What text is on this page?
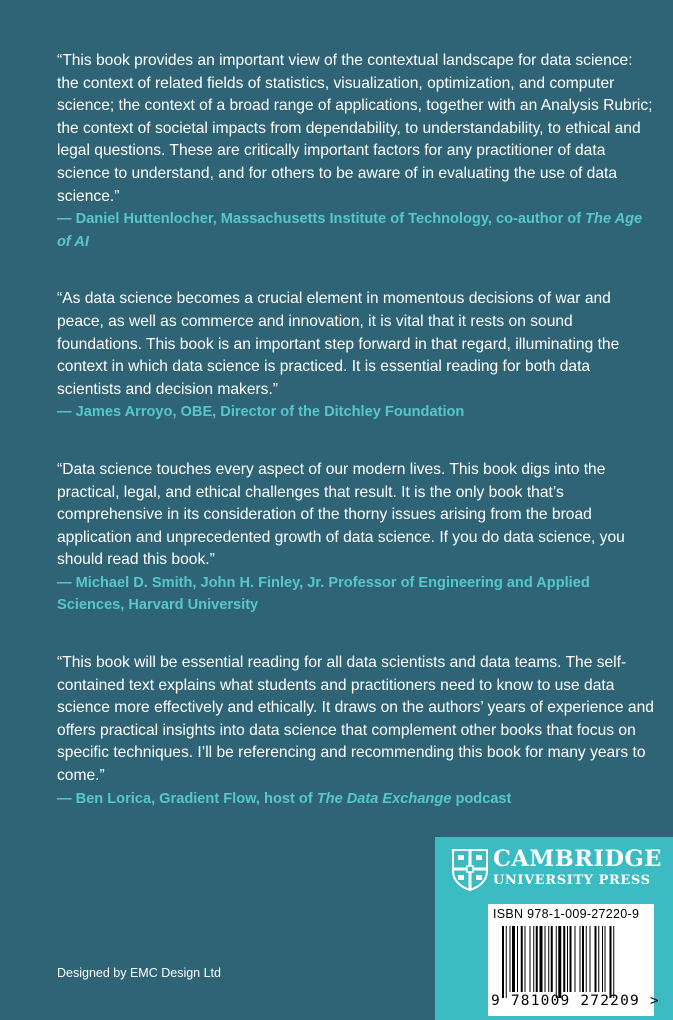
“This book provides an important view of the contextual landscape for data science: the context of related fields of statistics, visualization, optimization, and computer science; the context of a broad range of applications, together with an Analysis Rubric; the context of societal impacts from dependability, to understandability, to ethical and legal questions. These are critically important factors for any practitioner of data science to understand, and for others to be aware of in evaluating the use of data science.”

— Daniel Huttenlocher, Massachusetts Institute of Technology, co-author of The Age of AI

“As data science becomes a crucial element in momentous decisions of war and peace, as well as commerce and innovation, it is vital that it rests on sound foundations. This book is an important step forward in that regard, illuminating the context in which data science is practiced. It is essential reading for both data scientists and decision makers.”

— James Arroyo, OBE, Director of the Ditchley Foundation

“Data science touches every aspect of our modern lives. This book digs into the practical, legal, and ethical challenges that result. It is the only book that’s comprehensive in its consideration of the thorny issues arising from the broad application and unprecedented growth of data science. If you do data science, you should read this book.”

— Michael D. Smith, John H. Finley, Jr. Professor of Engineering and Applied Sciences, Harvard University

“This book will be essential reading for all data scientists and data teams. The self-contained text explains what students and practitioners need to know to use data science more effectively and ethically. It draws on the authors’ years of experience and offers practical insights into data science that complement other books that focus on specific techniques. I’ll be referencing and recommending this book for many years to come.”

— Ben Lorica, Gradient Flow, host of The Data Exchange podcast

Designed by EMC Design Ltd
CAMBRIDGE
UNIVERSITY PRESS
ISBN 978-1-009-27220-9
9 781009 272209 >
